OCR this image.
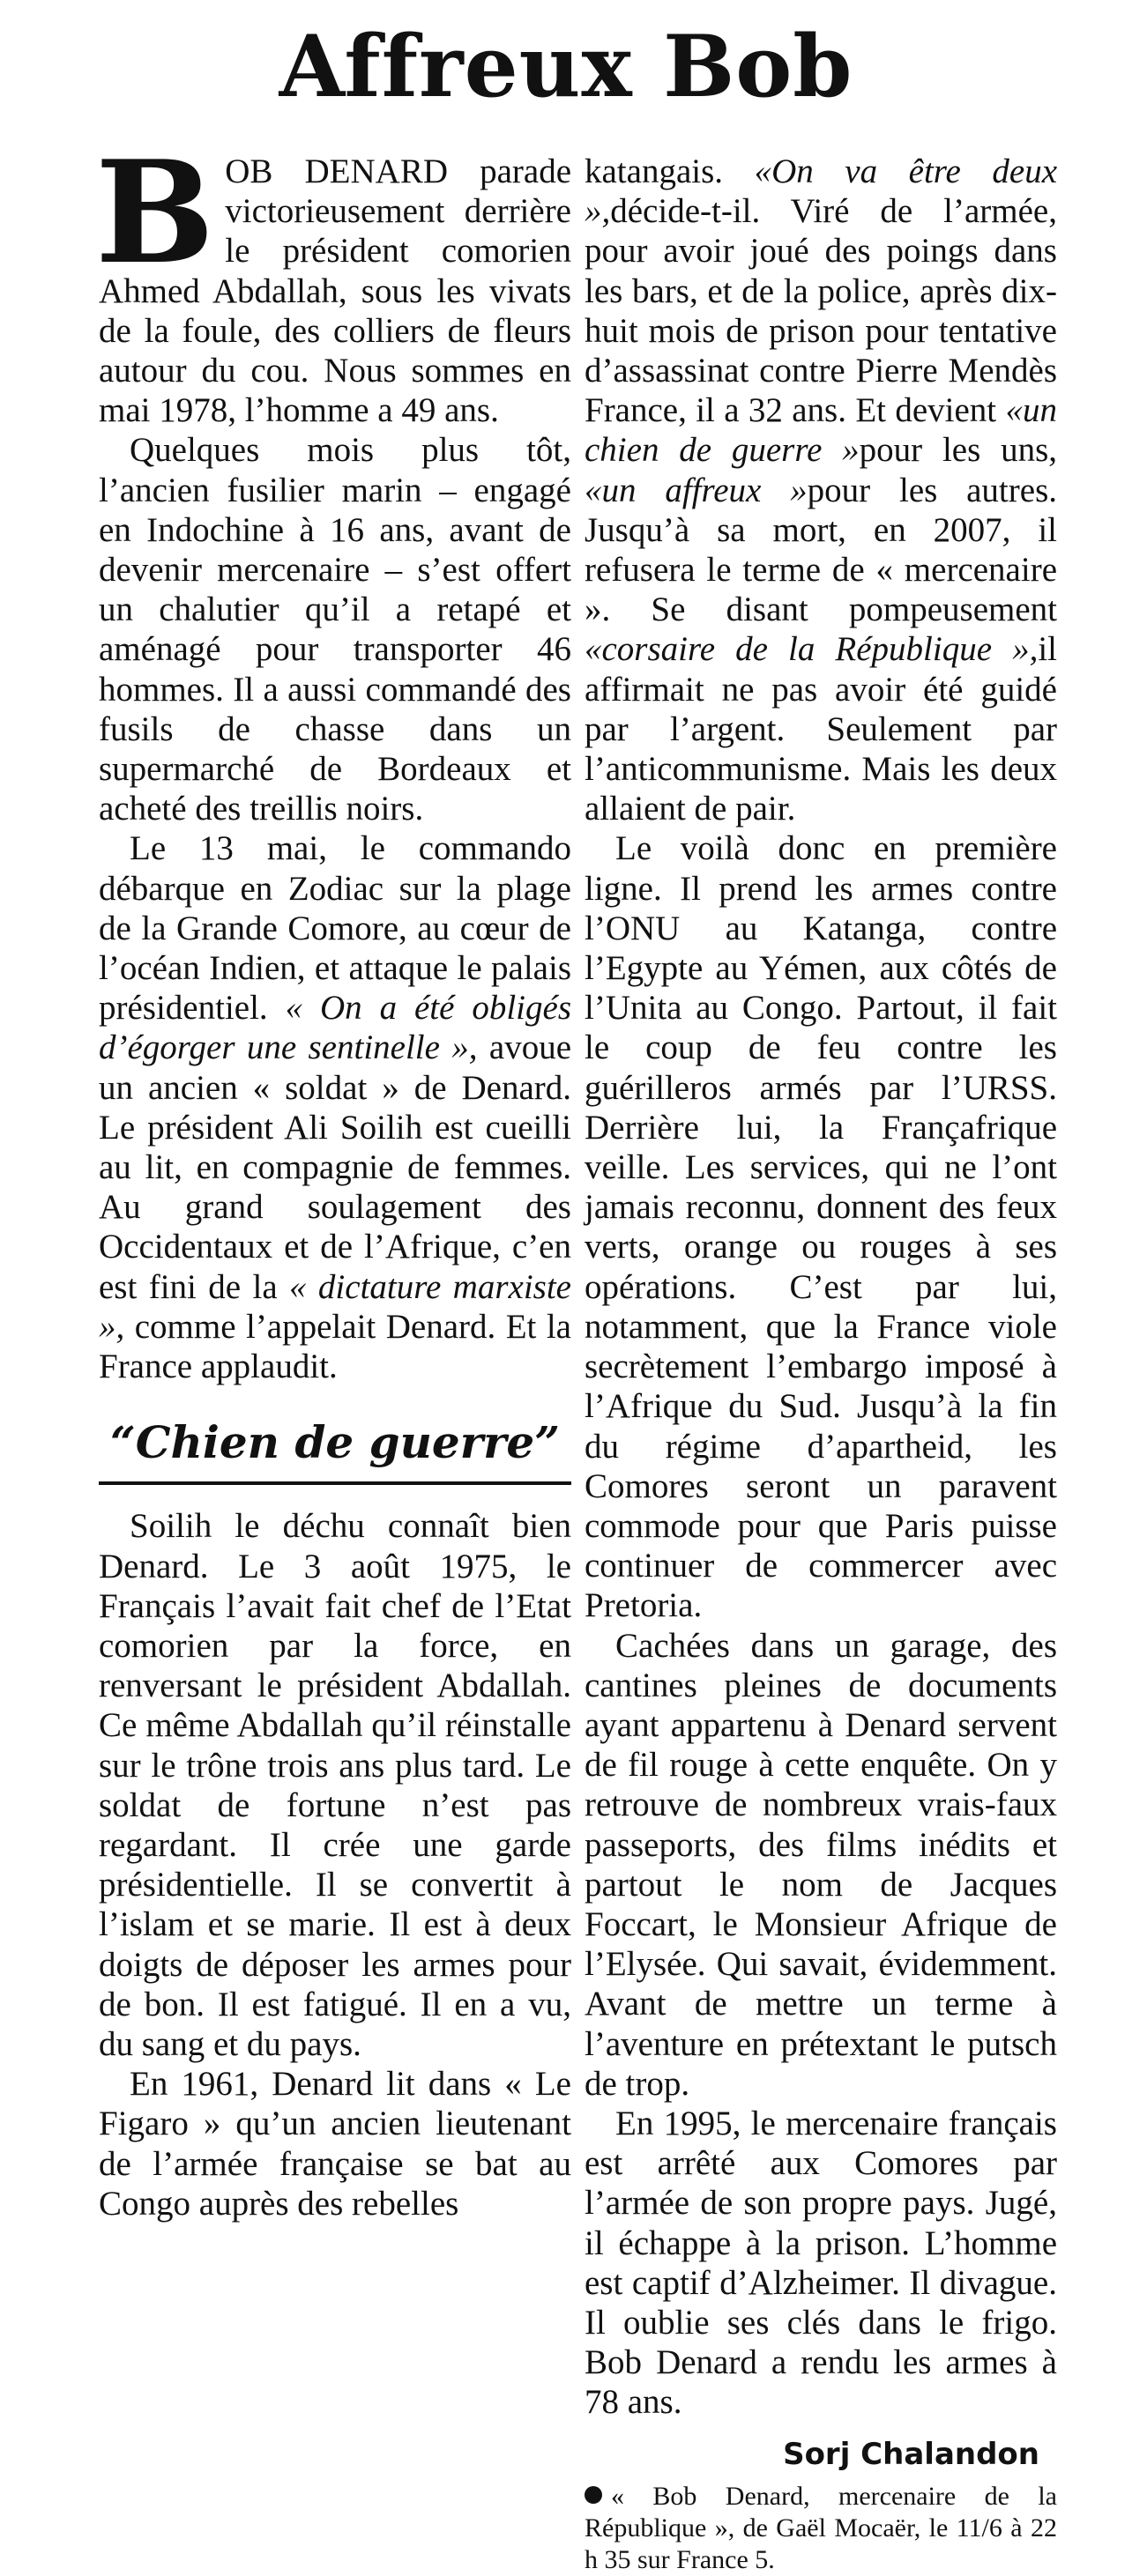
Affreux Bob

BOB DENARD parade victorieusement derrière le président comorien Ahmed Abdallah, sous les vivats de la foule, des colliers de fleurs autour du cou. Nous sommes en mai 1978, l’homme a 49 ans.

Quelques mois plus tôt, l’ancien fusilier marin – engagé en Indochine à 16 ans, avant de devenir mercenaire – s’est offert un chalutier qu’il a retapé et aménagé pour transporter 46 hommes. Il a aussi commandé des fusils de chasse dans un supermarché de Bordeaux et acheté des treillis noirs.

Le 13 mai, le commando débarque en Zodiac sur la plage de la Grande Comore, au cœur de l’océan Indien, et attaque le palais présidentiel. « On a été obligés d’égorger une sentinelle », avoue un ancien « soldat » de Denard. Le président Ali Soilih est cueilli au lit, en compagnie de femmes. Au grand soulagement des Occidentaux et de l’Afrique, c’en est fini de la « dictature marxiste », comme l’appelait Denard. Et la France applaudit.

“Chien de guerre”

Soilih le déchu connaît bien Denard. Le 3 août 1975, le Français l’avait fait chef de l’Etat comorien par la force, en renversant le président Abdallah. Ce même Abdallah qu’il réinstalle sur le trône trois ans plus tard. Le soldat de fortune n’est pas regardant. Il crée une garde présidentielle. Il se convertit à l’islam et se marie. Il est à deux doigts de déposer les armes pour de bon. Il est fatigué. Il en a vu, du sang et du pays.

En 1961, Denard lit dans « Le Figaro » qu’un ancien lieutenant de l’armée française se bat au Congo auprès des rebelles

katangais. «On va être deux »,décide-t-il. Viré de l’armée, pour avoir joué des poings dans les bars, et de la police, après dix-huit mois de prison pour tentative d’assassinat contre Pierre Mendès France, il a 32 ans. Et devient «un chien de guerre »pour les uns, «un affreux »pour les autres. Jusqu’à sa mort, en 2007, il refusera le terme de « mercenaire ». Se disant pompeusement «corsaire de la République »,il affirmait ne pas avoir été guidé par l’argent. Seulement par l’anticommunisme. Mais les deux allaient de pair.

Le voilà donc en première ligne. Il prend les armes contre l’ONU au Katanga, contre l’Egypte au Yémen, aux côtés de l’Unita au Congo. Partout, il fait le coup de feu contre les guérilleros armés par l’URSS. Derrière lui, la Françafrique veille. Les services, qui ne l’ont jamais reconnu, donnent des feux verts, orange ou rouges à ses opérations. C’est par lui, notamment, que la France viole secrètement l’embargo imposé à l’Afrique du Sud. Jusqu’à la fin du régime d’apartheid, les Comores seront un paravent commode pour que Paris puisse continuer de commercer avec Pretoria.

Cachées dans un garage, des cantines pleines de documents ayant appartenu à Denard servent de fil rouge à cette enquête. On y retrouve de nombreux vrais-faux passeports, des films inédits et partout le nom de Jacques Foccart, le Monsieur Afrique de l’Elysée. Qui savait, évidemment. Avant de mettre un terme à l’aventure en prétextant le putsch de trop.

En 1995, le mercenaire français est arrêté aux Comores par l’armée de son propre pays. Jugé, il échappe à la prison. L’homme est captif d’Alzheimer. Il divague. Il oublie ses clés dans le frigo. Bob Denard a rendu les armes à 78 ans.

Sorj Chalandon
« Bob Denard, mercenaire de la République », de Gaël Mocaër, le 11/6 à 22 h 35 sur France 5.
